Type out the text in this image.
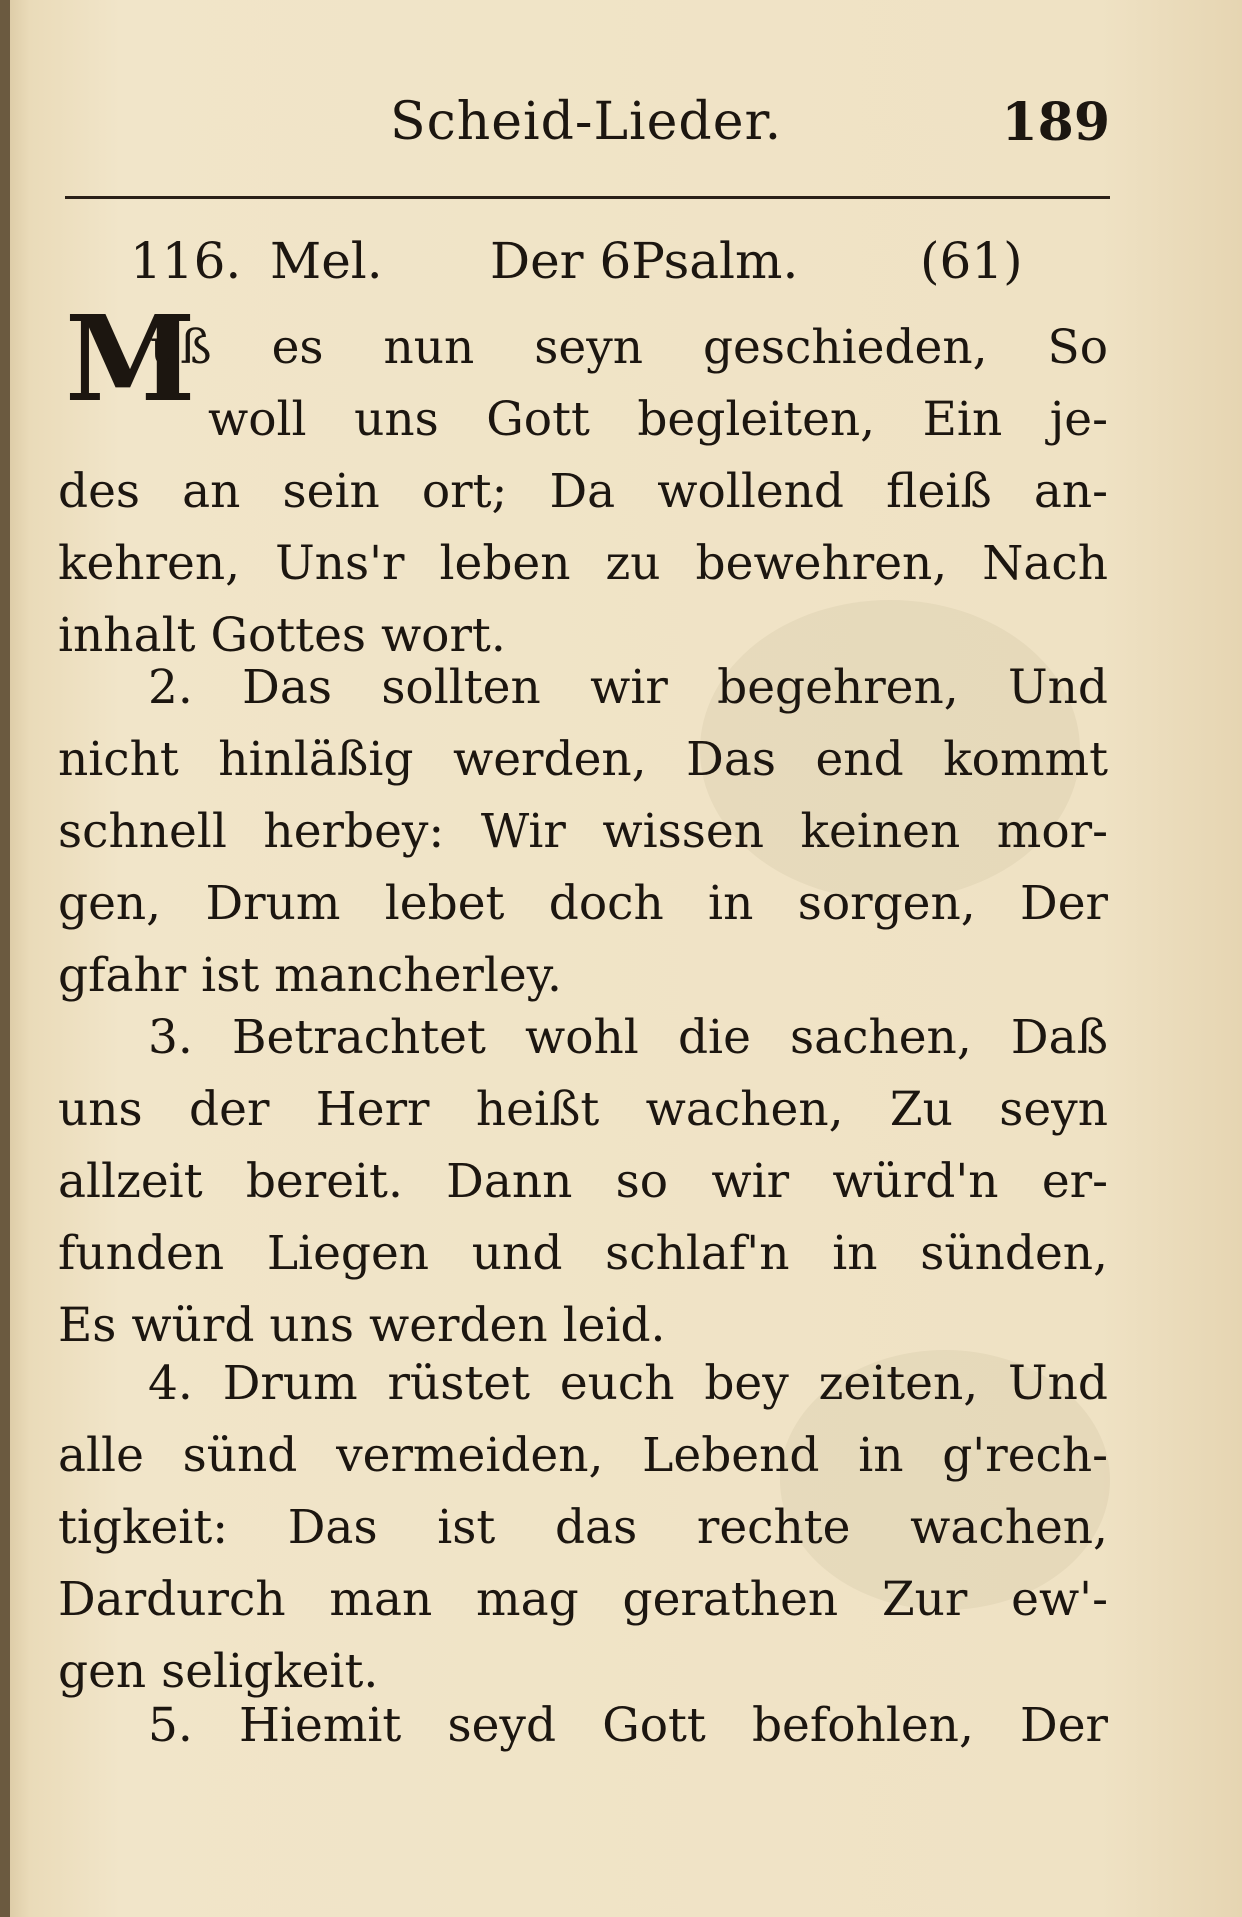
Scheid-Lieder.	189
116. Mel. Der 6Psalm. (61)
M
uß es nun seyn geschieden, So
woll uns Gott begleiten, Ein je-
des an sein ort; Da wollend fleiß an-
kehren, Uns'r leben zu bewehren, Nach
inhalt Gottes wort.
2. Das sollten wir begehren, Und
nicht hinläßig werden, Das end kommt
schnell herbey: Wir wissen keinen mor-
gen, Drum lebet doch in sorgen, Der
gfahr ist mancherley.
3. Betrachtet wohl die sachen, Daß
uns der Herr heißt wachen, Zu seyn
allzeit bereit. Dann so wir würd'n er-
funden Liegen und schlaf'n in sünden,
Es würd uns werden leid.
4. Drum rüstet euch bey zeiten, Und
alle sünd vermeiden, Lebend in g'rech-
tigkeit: Das ist das rechte wachen,
Dardurch man mag gerathen Zur ew'-
gen seligkeit.
5. Hiemit seyd Gott befohlen, Der
